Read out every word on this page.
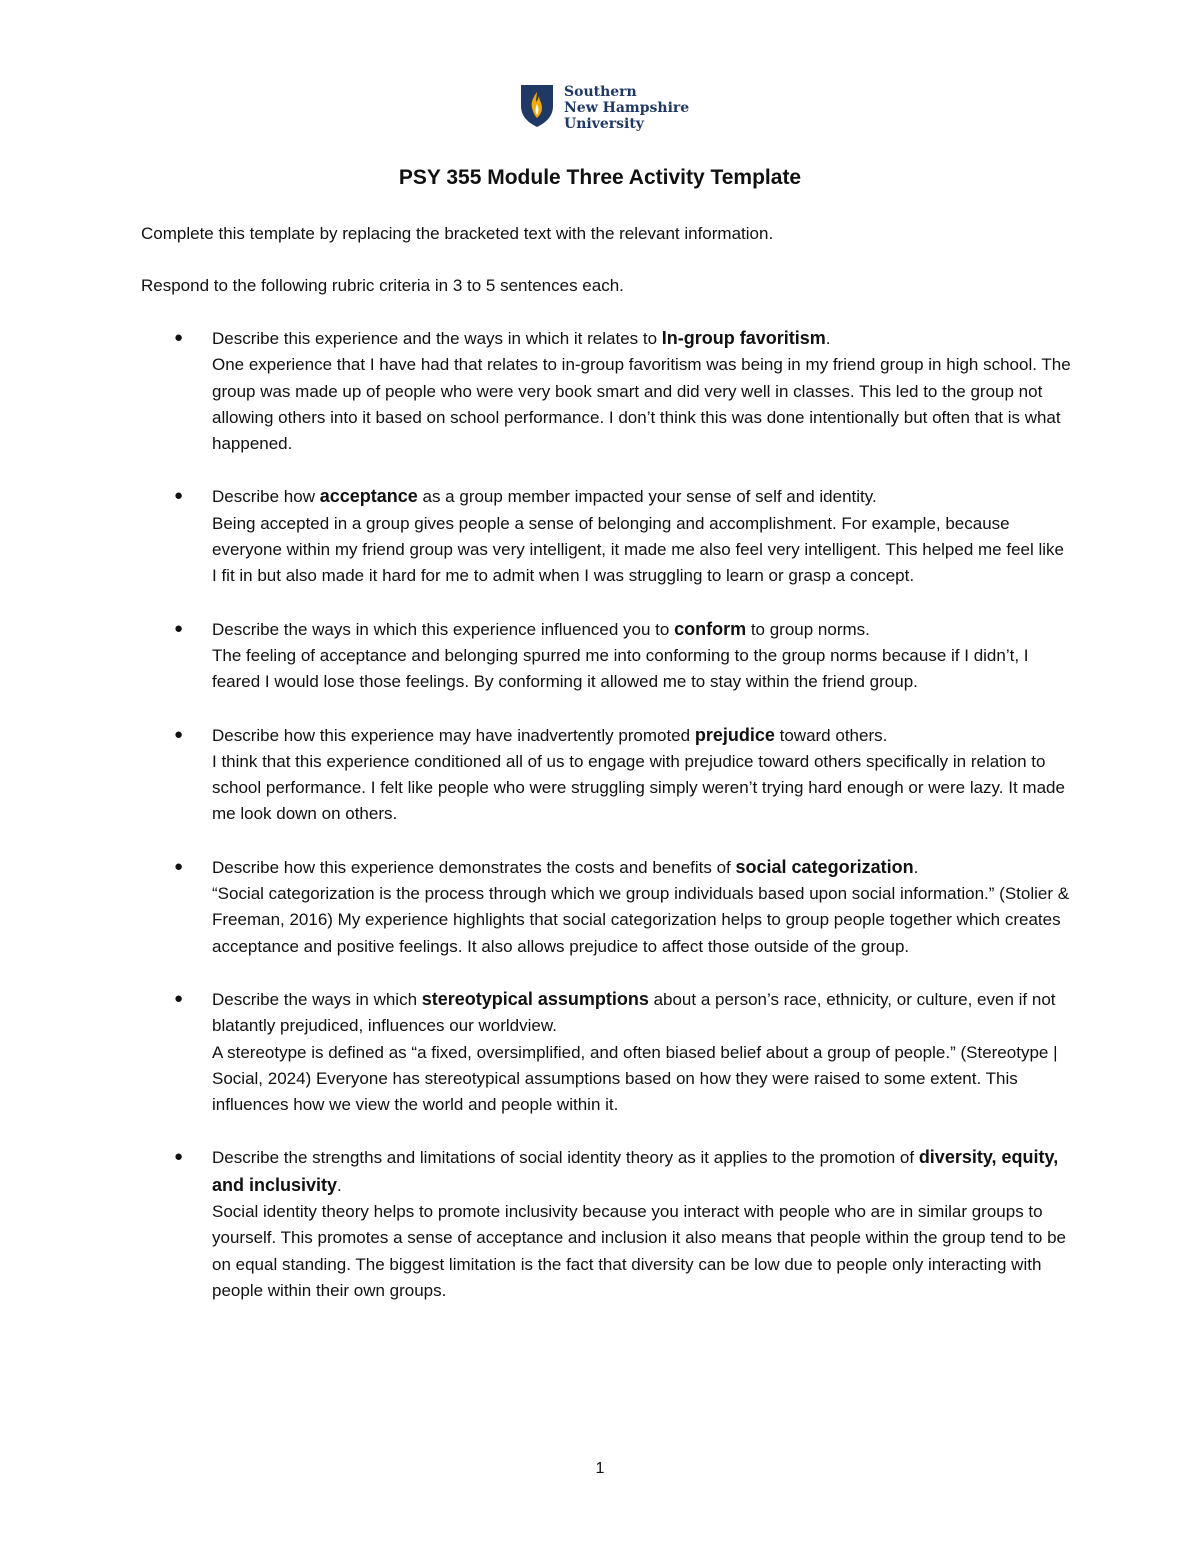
Southern
New Hampshire
University
PSY 355 Module Three Activity Template
Complete this template by replacing the bracketed text with the relevant information.
Respond to the following rubric criteria in 3 to 5 sentences each.
● Describe this experience and the ways in which it relates to In-group favoritism.
One experience that I have had that relates to in-group favoritism was being in my friend group in high school. The group was made up of people who were very book smart and did very well in classes. This led to the group not allowing others into it based on school performance. I don’t think this was done intentionally but often that is what happened.
● Describe how acceptance as a group member impacted your sense of self and identity.
Being accepted in a group gives people a sense of belonging and accomplishment. For example, because everyone within my friend group was very intelligent, it made me also feel very intelligent. This helped me feel like I fit in but also made it hard for me to admit when I was struggling to learn or grasp a concept.
● Describe the ways in which this experience influenced you to conform to group norms.
The feeling of acceptance and belonging spurred me into conforming to the group norms because if I didn’t, I feared I would lose those feelings. By conforming it allowed me to stay within the friend group.
● Describe how this experience may have inadvertently promoted prejudice toward others.
I think that this experience conditioned all of us to engage with prejudice toward others specifically in relation to school performance. I felt like people who were struggling simply weren’t trying hard enough or were lazy. It made me look down on others.
● Describe how this experience demonstrates the costs and benefits of social categorization.
“Social categorization is the process through which we group individuals based upon social information.” (Stolier & Freeman, 2016) My experience highlights that social categorization helps to group people together which creates acceptance and positive feelings. It also allows prejudice to affect those outside of the group.
● Describe the ways in which stereotypical assumptions about a person’s race, ethnicity, or culture, even if not blatantly prejudiced, influences our worldview.
A stereotype is defined as “a fixed, oversimplified, and often biased belief about a group of people.” (Stereotype | Social, 2024) Everyone has stereotypical assumptions based on how they were raised to some extent. This influences how we view the world and people within it.
● Describe the strengths and limitations of social identity theory as it applies to the promotion of diversity, equity, and inclusivity.
Social identity theory helps to promote inclusivity because you interact with people who are in similar groups to yourself. This promotes a sense of acceptance and inclusion it also means that people within the group tend to be on equal standing. The biggest limitation is the fact that diversity can be low due to people only interacting with people within their own groups.
1
